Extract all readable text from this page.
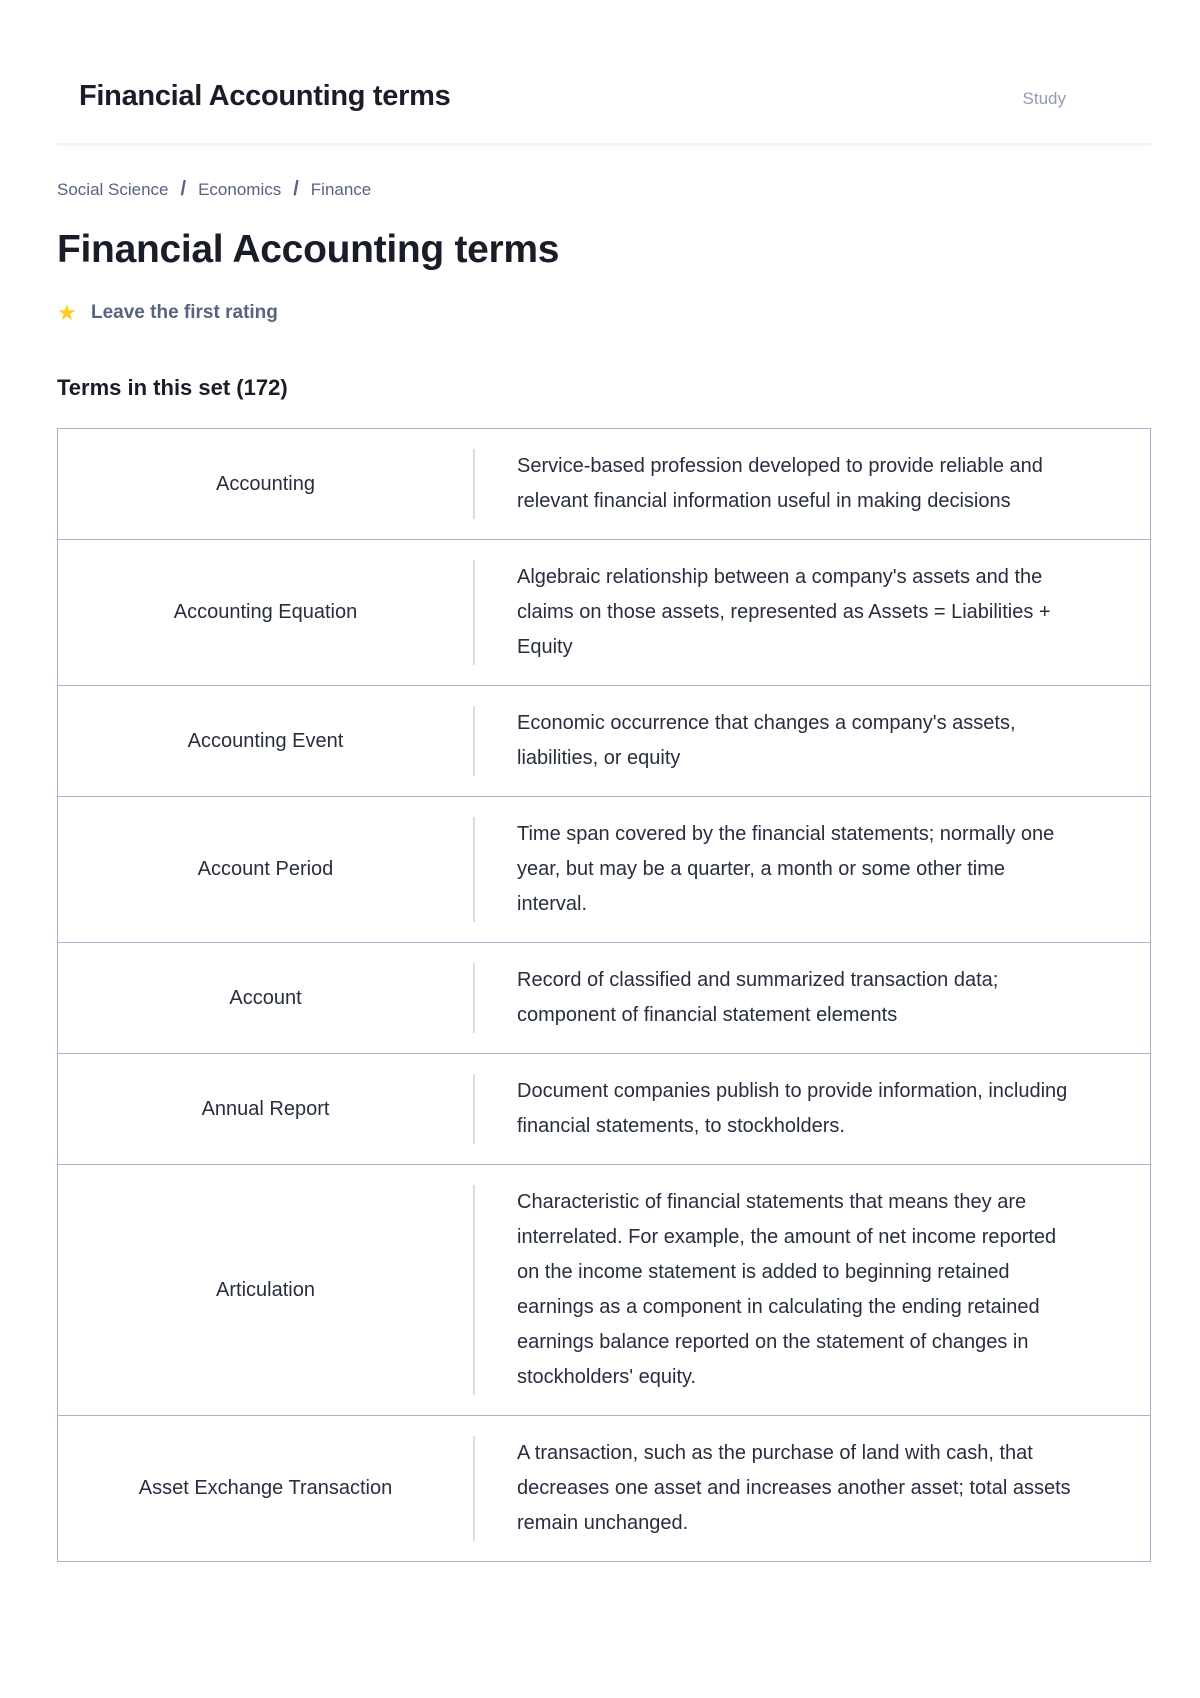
Financial Accounting terms	Study
Social Science / Economics / Finance
Financial Accounting terms
★ Leave the first rating
Terms in this set (172)
Accounting
Service-based profession developed to provide reliable and relevant financial information useful in making decisions
Accounting Equation
Algebraic relationship between a company's assets and the claims on those assets, represented as Assets = Liabilities + Equity
Accounting Event
Economic occurrence that changes a company's assets, liabilities, or equity
Account Period
Time span covered by the financial statements; normally one year, but may be a quarter, a month or some other time interval.
Account
Record of classified and summarized transaction data; component of financial statement elements
Annual Report
Document companies publish to provide information, including financial statements, to stockholders.
Articulation
Characteristic of financial statements that means they are interrelated. For example, the amount of net income reported on the income statement is added to beginning retained earnings as a component in calculating the ending retained earnings balance reported on the statement of changes in stockholders' equity.
Asset Exchange Transaction
A transaction, such as the purchase of land with cash, that decreases one asset and increases another asset; total assets remain unchanged.
